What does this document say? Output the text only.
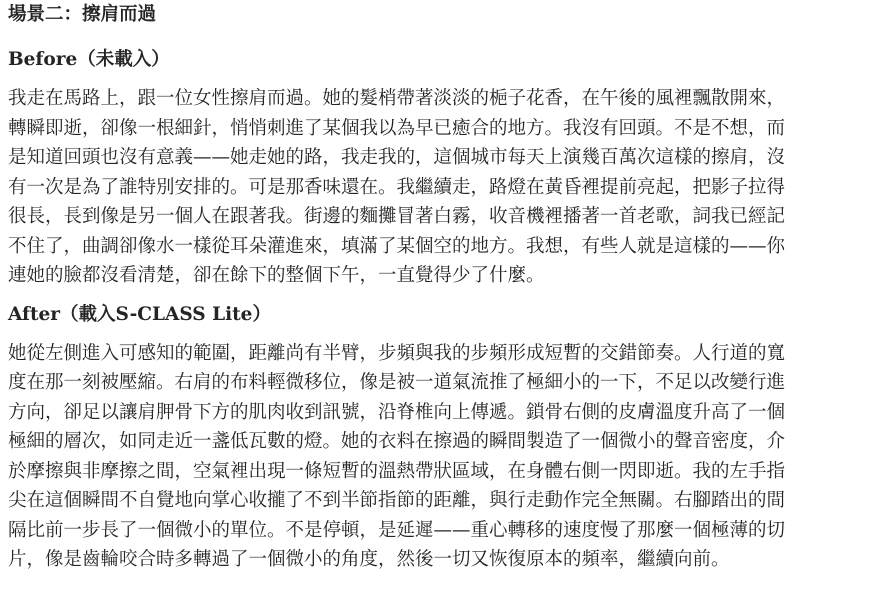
場景二：擦肩而過
Before（未載入）
我走在馬路上，跟一位女性擦肩而過。她的髮梢帶著淡淡的梔子花香，在午後的風裡飄散開來，
轉瞬即逝，卻像一根細針，悄悄刺進了某個我以為早已癒合的地方。我沒有回頭。不是不想，而
是知道回頭也沒有意義——她走她的路，我走我的，這個城市每天上演幾百萬次這樣的擦肩，沒
有一次是為了誰特別安排的。可是那香味還在。我繼續走，路燈在黃昏裡提前亮起，把影子拉得
很長，長到像是另一個人在跟著我。街邊的麵攤冒著白霧，收音機裡播著一首老歌，詞我已經記
不住了，曲調卻像水一樣從耳朵灌進來，填滿了某個空的地方。我想，有些人就是這樣的——你
連她的臉都沒看清楚，卻在餘下的整個下午，一直覺得少了什麼。
After（載入S-CLASS Lite）
她從左側進入可感知的範圍，距離尚有半臂，步頻與我的步頻形成短暫的交錯節奏。人行道的寬
度在那一刻被壓縮。右肩的布料輕微移位，像是被一道氣流推了極細小的一下，不足以改變行進
方向，卻足以讓肩胛骨下方的肌肉收到訊號，沿脊椎向上傳遞。鎖骨右側的皮膚溫度升高了一個
極細的層次，如同走近一盞低瓦數的燈。她的衣料在擦過的瞬間製造了一個微小的聲音密度，介
於摩擦與非摩擦之間，空氣裡出現一條短暫的溫熱帶狀區域，在身體右側一閃即逝。我的左手指
尖在這個瞬間不自覺地向掌心收攏了不到半節指節的距離，與行走動作完全無關。右腳踏出的間
隔比前一步長了一個微小的單位。不是停頓，是延遲——重心轉移的速度慢了那麼一個極薄的切
片，像是齒輪咬合時多轉過了一個微小的角度，然後一切又恢復原本的頻率，繼續向前。
